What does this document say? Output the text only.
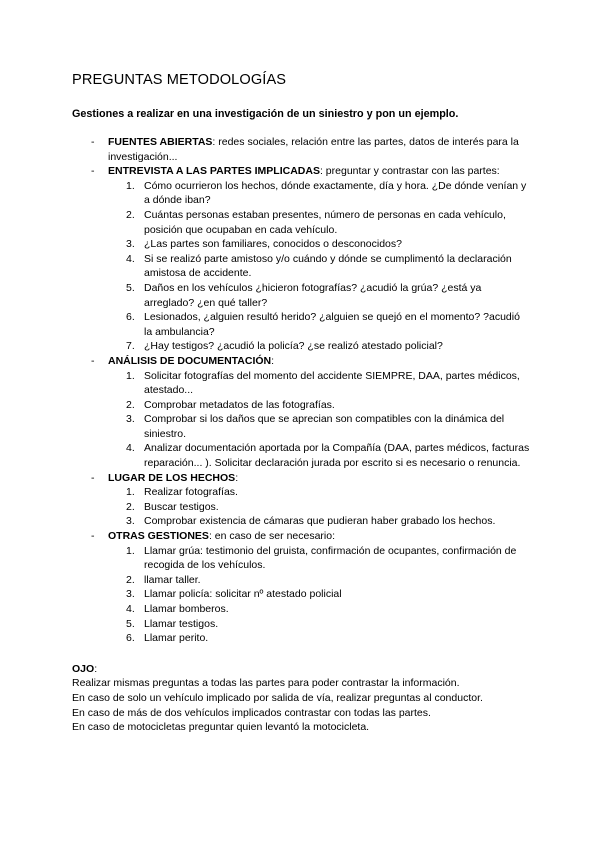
PREGUNTAS METODOLOGÍAS

Gestiones a realizar en una investigación de un siniestro y pon un ejemplo.

- FUENTES ABIERTAS: redes sociales, relación entre las partes, datos de interés para la investigación...
- ENTREVISTA A LAS PARTES IMPLICADAS: preguntar y contrastar con las partes:
1. Cómo ocurrieron los hechos, dónde exactamente, día y hora. ¿De dónde venían y a dónde iban?
2. Cuántas personas estaban presentes, número de personas en cada vehículo, posición que ocupaban en cada vehículo.
3. ¿Las partes son familiares, conocidos o desconocidos?
4. Si se realizó parte amistoso y/o cuándo y dónde se cumplimentó la declaración amistosa de accidente.
5. Daños en los vehículos ¿hicieron fotografías? ¿acudió la grúa? ¿está ya arreglado? ¿en qué taller?
6. Lesionados, ¿alguien resultó herido? ¿alguien se quejó en el momento? ?acudió la ambulancia?
7. ¿Hay testigos? ¿acudió la policía? ¿se realizó atestado policial?
- ANÁLISIS DE DOCUMENTACIÓN:
1. Solicitar fotografías del momento del accidente SIEMPRE, DAA, partes médicos, atestado...
2. Comprobar metadatos de las fotografías.
3. Comprobar si los daños que se aprecian son compatibles con la dinámica del siniestro.
4. Analizar documentación aportada por la Compañía (DAA, partes médicos, facturas reparación... ). Solicitar declaración jurada por escrito si es necesario o renuncia.
- LUGAR DE LOS HECHOS:
1. Realizar fotografías.
2. Buscar testigos.
3. Comprobar existencia de cámaras que pudieran haber grabado los hechos.
- OTRAS GESTIONES: en caso de ser necesario:
1. Llamar grúa: testimonio del gruista, confirmación de ocupantes, confirmación de recogida de los vehículos.
2. llamar taller.
3. Llamar policía: solicitar nº atestado policial
4. Llamar bomberos.
5. Llamar testigos.
6. Llamar perito.
OJO:
Realizar mismas preguntas a todas las partes para poder contrastar la información.
En caso de solo un vehículo implicado por salida de vía, realizar preguntas al conductor.
En caso de más de dos vehículos implicados contrastar con todas las partes.
En caso de motocicletas preguntar quien levantó la motocicleta.
